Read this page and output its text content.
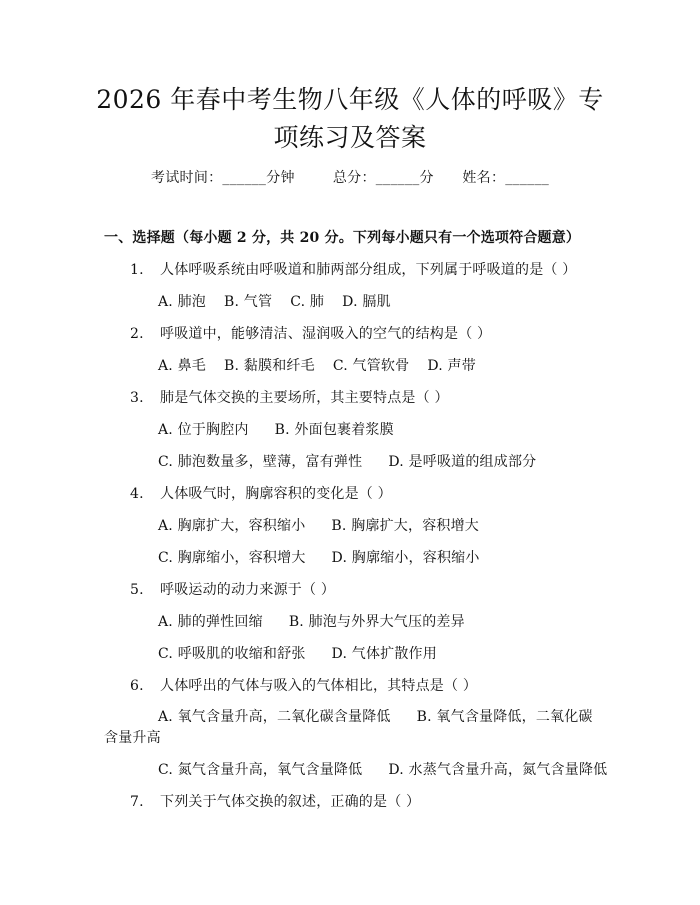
2026 年春中考生物八年级《人体的呼吸》专
项练习及答案
考试时间：______分钟	总分：______分 姓名：______
一、选择题（每小题 2 分，共 20 分。下列每小题只有一个选项符合题意）
1. 人体呼吸系统由呼吸道和肺两部分组成，下列属于呼吸道的是（ ）
A. 肺泡 B. 气管 C. 肺 D. 膈肌
2. 呼吸道中，能够清洁、湿润吸入的空气的结构是（ ）
A. 鼻毛 B. 黏膜和纤毛 C. 气管软骨 D. 声带
3. 肺是气体交换的主要场所，其主要特点是（ ）
A. 位于胸腔内 B. 外面包裹着浆膜
C. 肺泡数量多，壁薄，富有弹性 D. 是呼吸道的组成部分
4. 人体吸气时，胸廓容积的变化是（ ）
A. 胸廓扩大，容积缩小 B. 胸廓扩大，容积增大
C. 胸廓缩小，容积增大 D. 胸廓缩小，容积缩小
5. 呼吸运动的动力来源于（ ）
A. 肺的弹性回缩 B. 肺泡与外界大气压的差异
C. 呼吸肌的收缩和舒张 D. 气体扩散作用
6. 人体呼出的气体与吸入的气体相比，其特点是（ ）
A. 氧气含量升高，二氧化碳含量降低 B. 氧气含量降低，二氧化碳含量升高
C. 氮气含量升高，氧气含量降低 D. 水蒸气含量升高，氮气含量降低
7. 下列关于气体交换的叙述，正确的是（ ）
